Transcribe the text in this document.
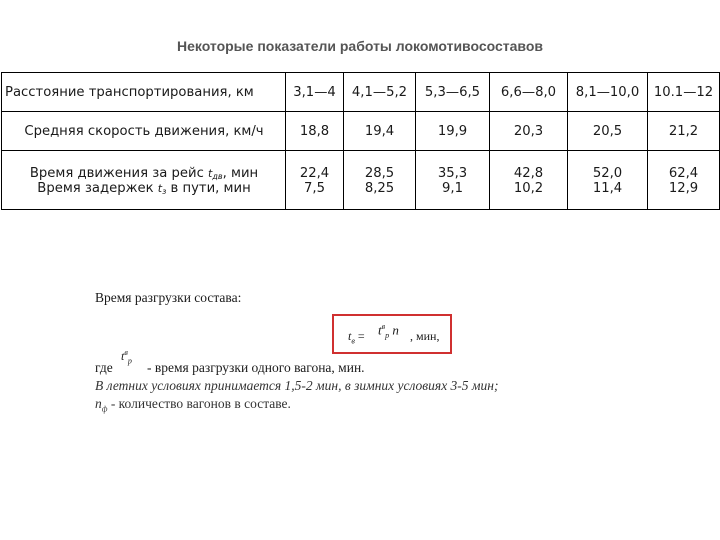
Некоторые показатели работы локомотивосоставов
Расстояние транспортирования, км	3,1—4	4,1—5,2	5,3—6,5	6,6—8,0	8,1—10,0	10.1—12
Средняя скорость движения, км/ч	18,8	19,4	19,9	20,3	20,5	21,2
Время движения за рейс tдв, мин	22,4	28,5	35,3	42,8	52,0	62,4
Время задержек tз в пути, мин	7,5	8,25	9,1	10,2	11,4	12,9
Время разгрузки состава:
$t_в = t^в_р$ n , мин,
где
$t^в_р$ - время разгрузки одного вагона, мин.
В летних условиях принимается 1,5-2 мин, в зимних условиях 3-5 мин;
$n_ф$ - количество вагонов в составе.
